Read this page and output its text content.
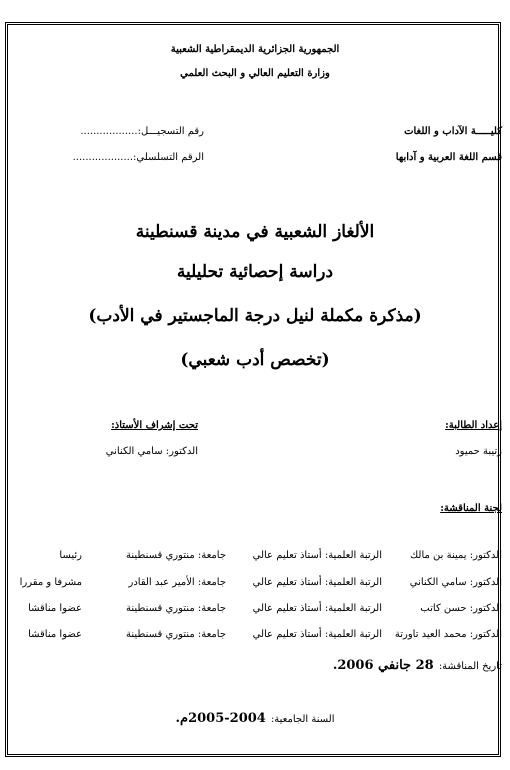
الجمهورية الجزائرية الديمقراطية الشعبية
وزارة التعليم العالي و البحث العلمي
كليـــــة الآداب و اللغات
قسم اللغة العربية و آدابها
رقم التسجيـــل:..................
الرقم التسلسلي:...................
الألغاز الشعبية في مدينة قسنطينة
دراسة إحصائية تحليلية
(مذكرة مكملة لنيل درجة الماجستير في الأدب)
(تخصص أدب شعبي)
إعداد الطالبة:
رتيبة حميود
تحت إشراف الأستاذ:
الدكتور: سامي الكناني
لجنة المناقشة:
الدكتور: يمينة بن مالك
الرتبة العلمية: أستاذ تعليم عالي
جامعة: منتوري قسنطينة
رئيسا
الدكتور: سامي الكناني
الرتبة العلمية: أستاذ تعليم عالي
جامعة: الأمير عبد القادر
مشرفا و مقررا
الدكتور: حسن كاتب
الرتبة العلمية: أستاذ تعليم عالي
جامعة: منتوري قسنطينة
عضوا مناقشا
الدكتور: محمد العيد تاورتة
الرتبة العلمية: أستاذ تعليم عالي
جامعة: منتوري قسنطينة
عضوا مناقشا
تاريخ المناقشة: 28 جانفي 2006.
السنة الجامعية: 2004-2005م.
